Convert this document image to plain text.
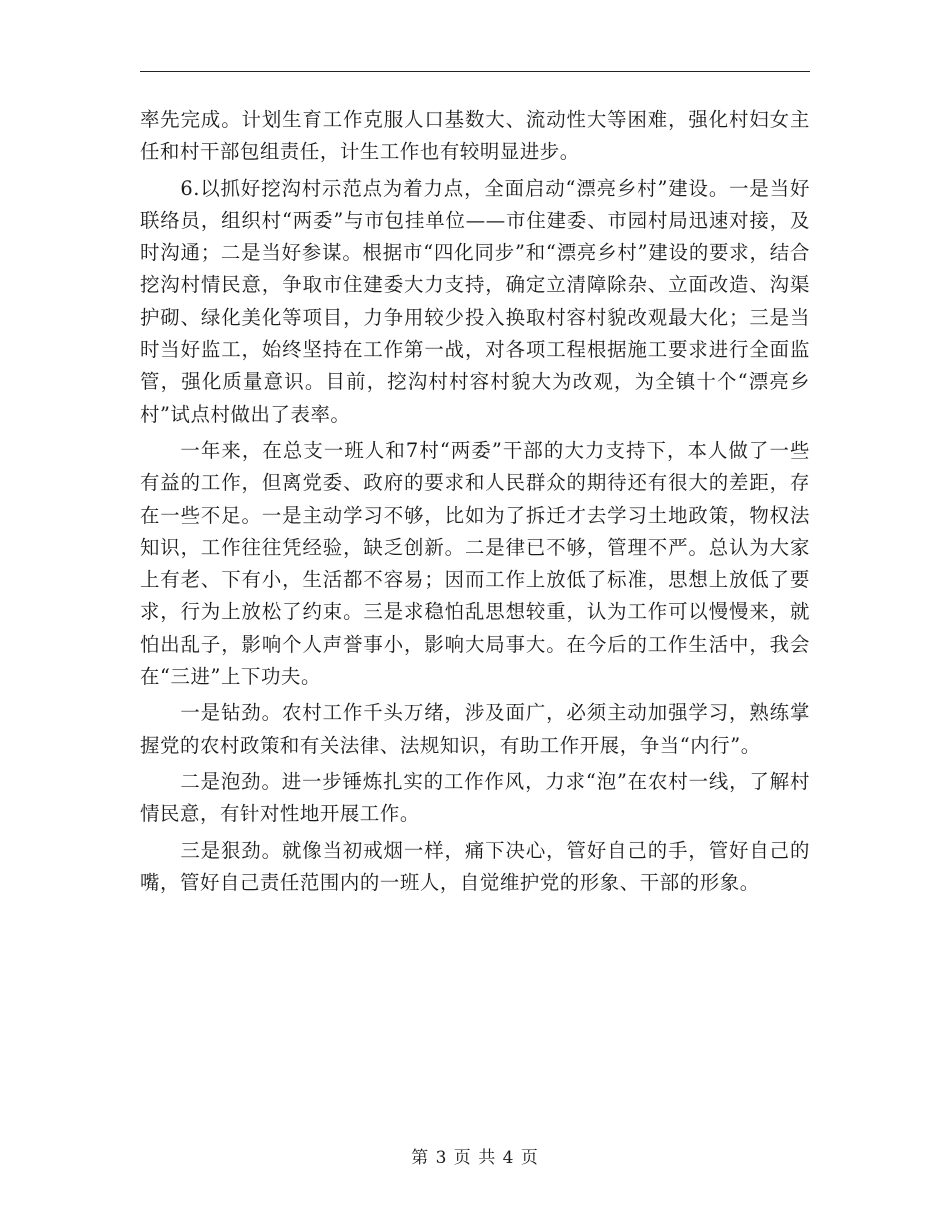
率先完成。计划生育工作克服人口基数大、流动性大等困难，强化村妇女主任和村干部包组责任，计生工作也有较明显进步。

6.以抓好挖沟村示范点为着力点，全面启动“漂亮乡村”建设。一是当好联络员，组织村“两委”与市包挂单位——市住建委、市园村局迅速对接，及时沟通；二是当好参谋。根据市“四化同步”和“漂亮乡村”建设的要求，结合挖沟村情民意，争取市住建委大力支持，确定立清障除杂、立面改造、沟渠护砌、绿化美化等项目，力争用较少投入换取村容村貌改观最大化；三是当时当好监工，始终坚持在工作第一战，对各项工程根据施工要求进行全面监管，强化质量意识。目前，挖沟村村容村貌大为改观，为全镇十个“漂亮乡村”试点村做出了表率。

一年来，在总支一班人和7村“两委”干部的大力支持下，本人做了一些有益的工作，但离党委、政府的要求和人民群众的期待还有很大的差距，存在一些不足。一是主动学习不够，比如为了拆迁才去学习土地政策，物权法知识，工作往往凭经验，缺乏创新。二是律已不够，管理不严。总认为大家上有老、下有小，生活都不容易；因而工作上放低了标准，思想上放低了要求，行为上放松了约束。三是求稳怕乱思想较重，认为工作可以慢慢来，就怕出乱子，影响个人声誉事小，影响大局事大。在今后的工作生活中，我会在“三进”上下功夫。

一是钻劲。农村工作千头万绪，涉及面广，必须主动加强学习，熟练掌握党的农村政策和有关法律、法规知识，有助工作开展，争当“内行”。

二是泡劲。进一步锤炼扎实的工作作风，力求“泡”在农村一线，了解村情民意，有针对性地开展工作。

三是狠劲。就像当初戒烟一样，痛下决心，管好自己的手，管好自己的嘴，管好自己责任范围内的一班人，自觉维护党的形象、干部的形象。

第 3 页 共 4 页
